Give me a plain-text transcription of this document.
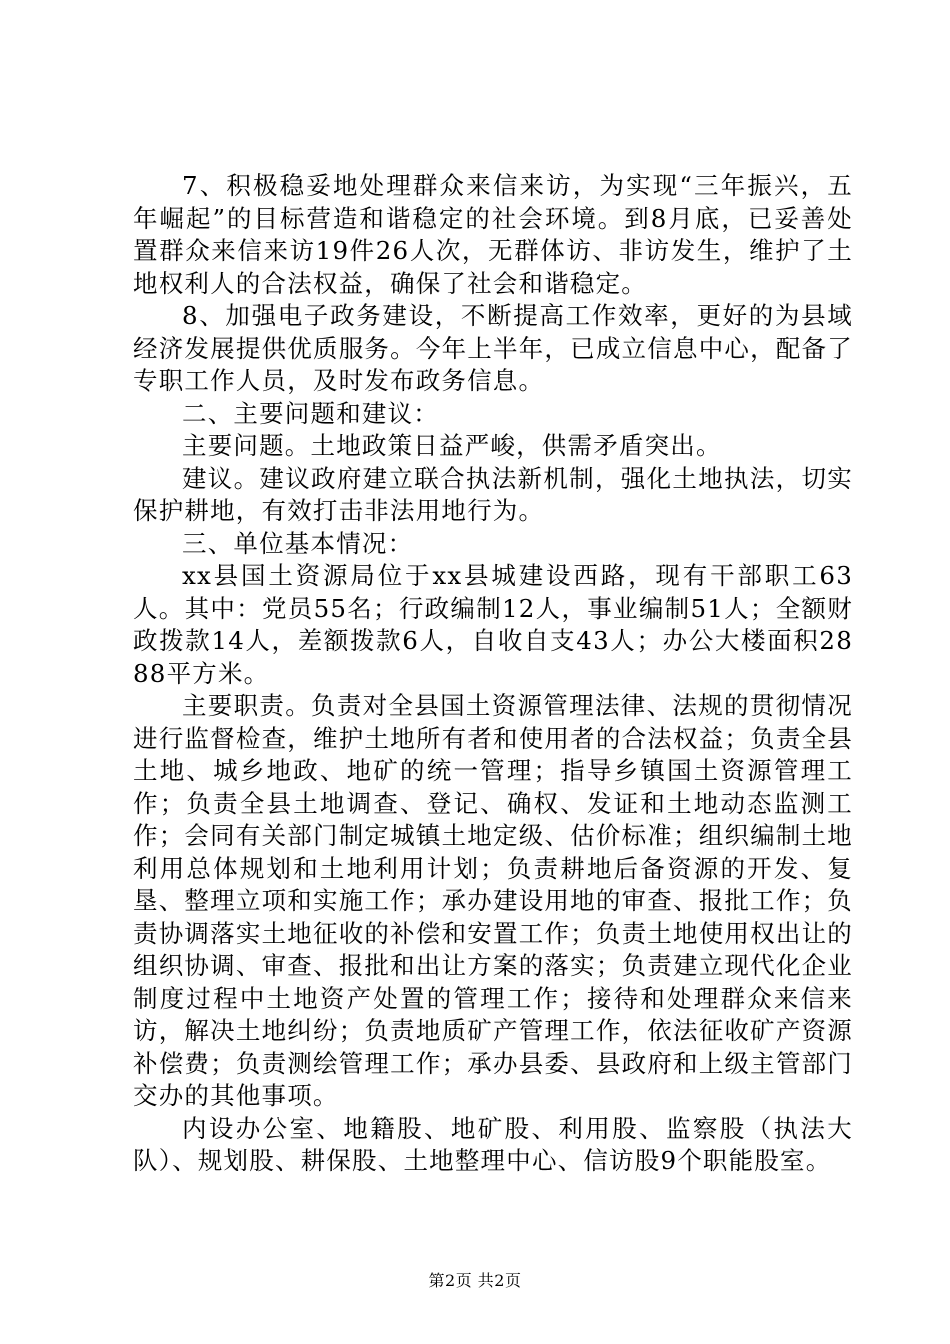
7、积极稳妥地处理群众来信来访，为实现“三年振兴，五年崛起”的目标营造和谐稳定的社会环境。到8月底，已妥善处置群众来信来访19件26人次，无群体访、非访发生，维护了土地权利人的合法权益，确保了社会和谐稳定。

8、加强电子政务建设，不断提高工作效率，更好的为县域经济发展提供优质服务。今年上半年，已成立信息中心，配备了专职工作人员，及时发布政务信息。

二、主要问题和建议：

主要问题。土地政策日益严峻，供需矛盾突出。

建议。建议政府建立联合执法新机制，强化土地执法，切实保护耕地，有效打击非法用地行为。

三、单位基本情况：

xx县国土资源局位于xx县城建设西路，现有干部职工63人。其中：党员55名；行政编制12人，事业编制51人；全额财政拨款14人，差额拨款6人，自收自支43人；办公大楼面积2888平方米。

主要职责。负责对全县国土资源管理法律、法规的贯彻情况进行监督检查，维护土地所有者和使用者的合法权益；负责全县土地、城乡地政、地矿的统一管理；指导乡镇国土资源管理工作；负责全县土地调查、登记、确权、发证和土地动态监测工作；会同有关部门制定城镇土地定级、估价标准；组织编制土地利用总体规划和土地利用计划；负责耕地后备资源的开发、复垦、整理立项和实施工作；承办建设用地的审查、报批工作；负责协调落实土地征收的补偿和安置工作；负责土地使用权出让的组织协调、审查、报批和出让方案的落实；负责建立现代化企业制度过程中土地资产处置的管理工作；接待和处理群众来信来访，解决土地纠纷；负责地质矿产管理工作，依法征收矿产资源补偿费；负责测绘管理工作；承办县委、县政府和上级主管部门交办的其他事项。

内设办公室、地籍股、地矿股、利用股、监察股（执法大队）、规划股、耕保股、土地整理中心、信访股9个职能股室。

第2页 共2页
